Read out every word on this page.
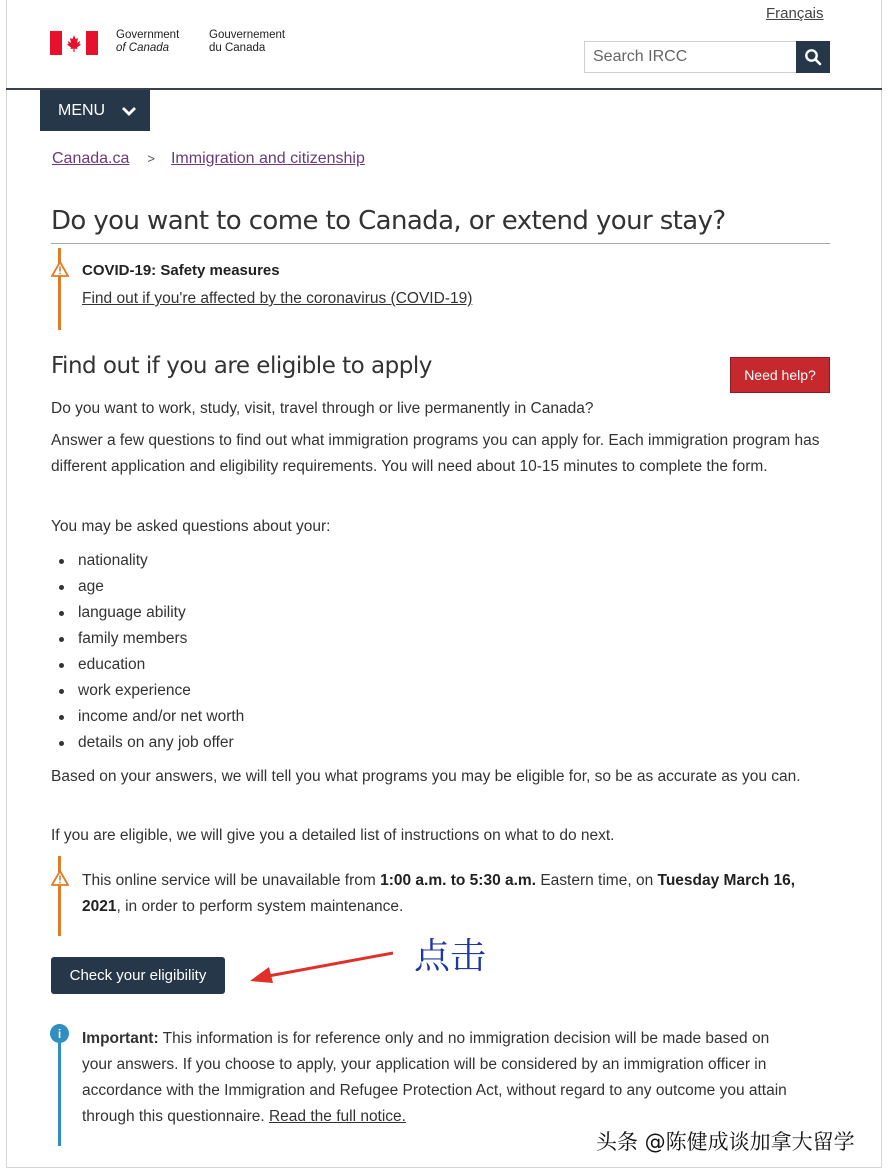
Français
Government
of Canada
Gouvernement
du Canada
Search IRCC
MENU
Canada.ca > Immigration and citizenship
Do you want to come to Canada, or extend your stay?
COVID-19: Safety measures
Find out if you're affected by the coronavirus (COVID-19)
Find out if you are eligible to apply	Need help?

Do you want to work, study, visit, travel through or live permanently in Canada?

Answer a few questions to find out what immigration programs you can apply for. Each immigration program has different application and eligibility requirements. You will need about 10-15 minutes to complete the form.

You may be asked questions about your:

nationality
age
language ability
family members
education
work experience
income and/or net worth
details on any job offer

Based on your answers, we will tell you what programs you may be eligible for, so be as accurate as you can.

If you are eligible, we will give you a detailed list of instructions on what to do next.

This online service will be unavailable from 1:00 a.m. to 5:30 a.m. Eastern time, on Tuesday March 16, 2021, in order to perform system maintenance.
Check your eligibility	点击
i	Important: This information is for reference only and no immigration decision will be made based on your answers. If you choose to apply, your application will be considered by an immigration officer in accordance with the Immigration and Refugee Protection Act, without regard to any outcome you attain through this questionnaire. Read the full notice.
头条 @陈健成谈加拿大留学
